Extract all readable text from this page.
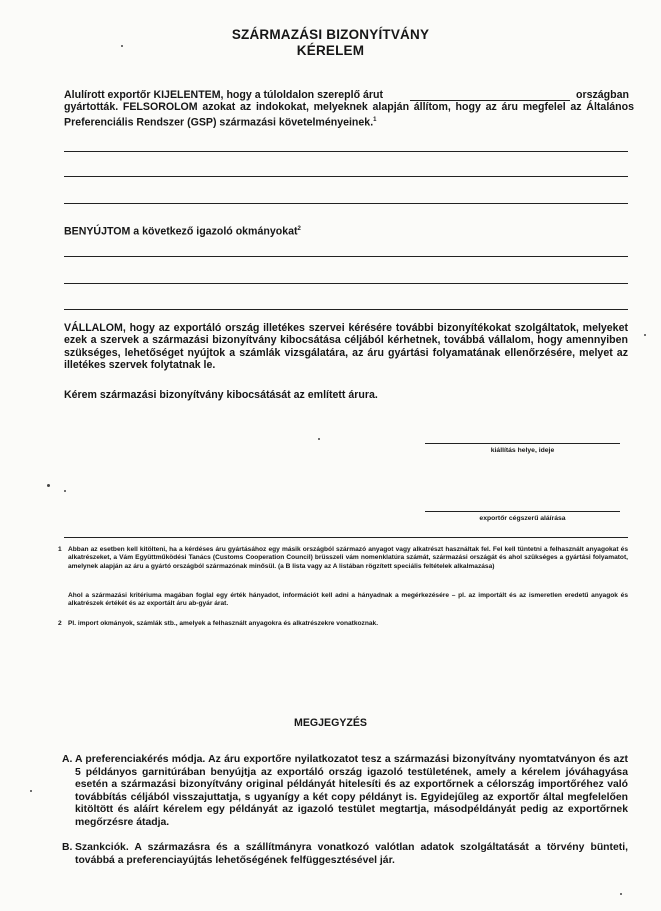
SZÁRMAZÁSI BIZONYÍTVÁNY
KÉRELEM
Alulírott exportőr KIJELENTEM, hogy a túloldalon szereplő árut	országban
gyártották. FELSOROLOM azokat az indokokat, melyeknek alapján állítom, hogy az áru megfelel az Általános Preferenciális Rendszer (GSP) származási követelményeinek.$^1$
BENYÚJTOM a következő igazoló okmányokat$^2$
VÁLLALOM, hogy az exportáló ország illetékes szervei kérésére további bizonyítékokat szolgáltatok, melyeket ezek a szervek a származási bizonyítvány kibocsátása céljából kérhetnek, továbbá vállalom, hogy amennyiben szükséges, lehetőséget nyújtok a számlák vizsgálatára, az áru gyártási folyamatának ellenőrzésére, melyet az illetékes szervek folytatnak le.
Kérem származási bizonyítvány kibocsátását az említett árura.
kiállítás helye, ideje
exportőr cégszerű aláírása
1 Abban az esetben kell kitölteni, ha a kérdéses áru gyártásához egy másik országból származó anyagot vagy alkatrészt használtak fel. Fel kell tüntetni a felhasznált anyagokat és alkatrészeket, a Vám Együttműködési Tanács (Customs Cooperation Council) brüsszeli vám nomenklatúra számát, származási országát és ahol szükséges a gyártási folyamatot, amelynek alapján az áru a gyártó országból származónak minősül. (a B lista vagy az A listában rögzített speciális feltételek alkalmazása)
Ahol a származási kritériuma magában foglal egy érték hányadot, információt kell adni a hányadnak a megérkezésére – pl. az importált és az ismeretlen eredetű anyagok és alkatrészek értékét és az exportált áru ab-gyár árat.
2 Pl. import okmányok, számlák stb., amelyek a felhasznált anyagokra és alkatrészekre vonatkoznak.
MEGJEGYZÉS
A. A preferenciakérés módja. Az áru exportőre nyilatkozatot tesz a származási bizonyítvány nyomtatványon és azt 5 példányos garnitúrában benyújtja az exportáló ország igazoló testületének, amely a kérelem jóváhagyása esetén a származási bizonyítvány original példányát hitelesíti és az exportőrnek a célország importőréhez való továbbítás céljából visszajuttatja, s ugyanígy a két copy példányt is. Egyidejűleg az exportőr által megfelelően kitöltött és aláírt kérelem egy példányát az igazoló testület megtartja, másodpéldányát pedig az exportőrnek megőrzésre átadja.
B. Szankciók. A származásra és a szállítmányra vonatkozó valótlan adatok szolgáltatását a törvény bünteti, továbbá a preferenciayújtás lehetőségének felfüggesztésével jár.
